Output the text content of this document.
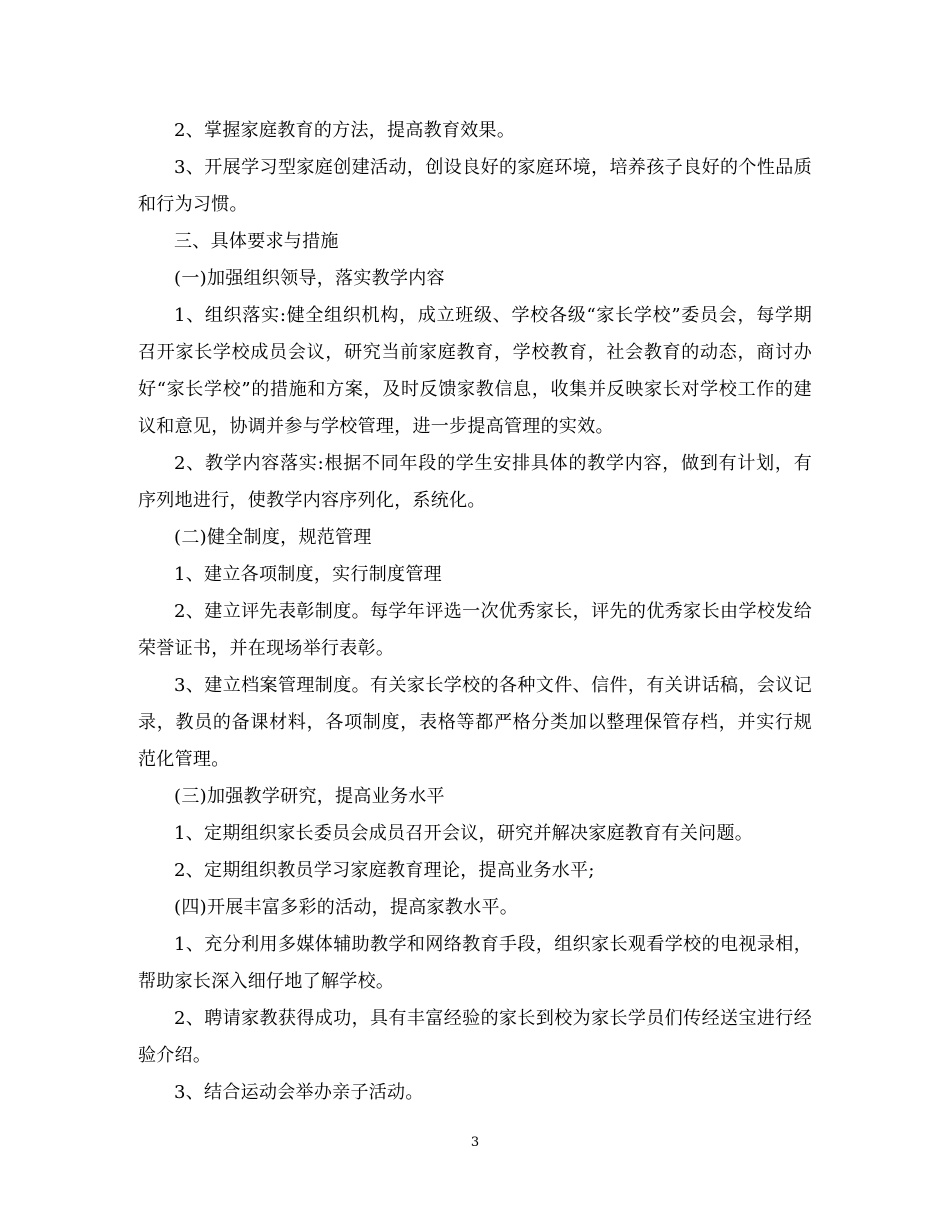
2、掌握家庭教育的方法，提高教育效果。

3、开展学习型家庭创建活动，创设良好的家庭环境，培养孩子良好的个性品质和行为习惯。

三、具体要求与措施

(一)加强组织领导，落实教学内容

1、组织落实:健全组织机构，成立班级、学校各级“家长学校”委员会，每学期召开家长学校成员会议，研究当前家庭教育，学校教育，社会教育的动态，商讨办好“家长学校”的措施和方案，及时反馈家教信息，收集并反映家长对学校工作的建议和意见，协调并参与学校管理，进一步提高管理的实效。

2、教学内容落实:根据不同年段的学生安排具体的教学内容，做到有计划，有序列地进行，使教学内容序列化，系统化。

(二)健全制度，规范管理

1、建立各项制度，实行制度管理

2、建立评先表彰制度。每学年评选一次优秀家长，评先的优秀家长由学校发给荣誉证书，并在现场举行表彰。

3、建立档案管理制度。有关家长学校的各种文件、信件，有关讲话稿，会议记录，教员的备课材料，各项制度，表格等都严格分类加以整理保管存档，并实行规范化管理。

(三)加强教学研究，提高业务水平

1、定期组织家长委员会成员召开会议，研究并解决家庭教育有关问题。

2、定期组织教员学习家庭教育理论，提高业务水平;

(四)开展丰富多彩的活动，提高家教水平。

1、充分利用多媒体辅助教学和网络教育手段，组织家长观看学校的电视录相，帮助家长深入细仔地了解学校。

2、聘请家教获得成功，具有丰富经验的家长到校为家长学员们传经送宝进行经验介绍。

3、结合运动会举办亲子活动。

3
